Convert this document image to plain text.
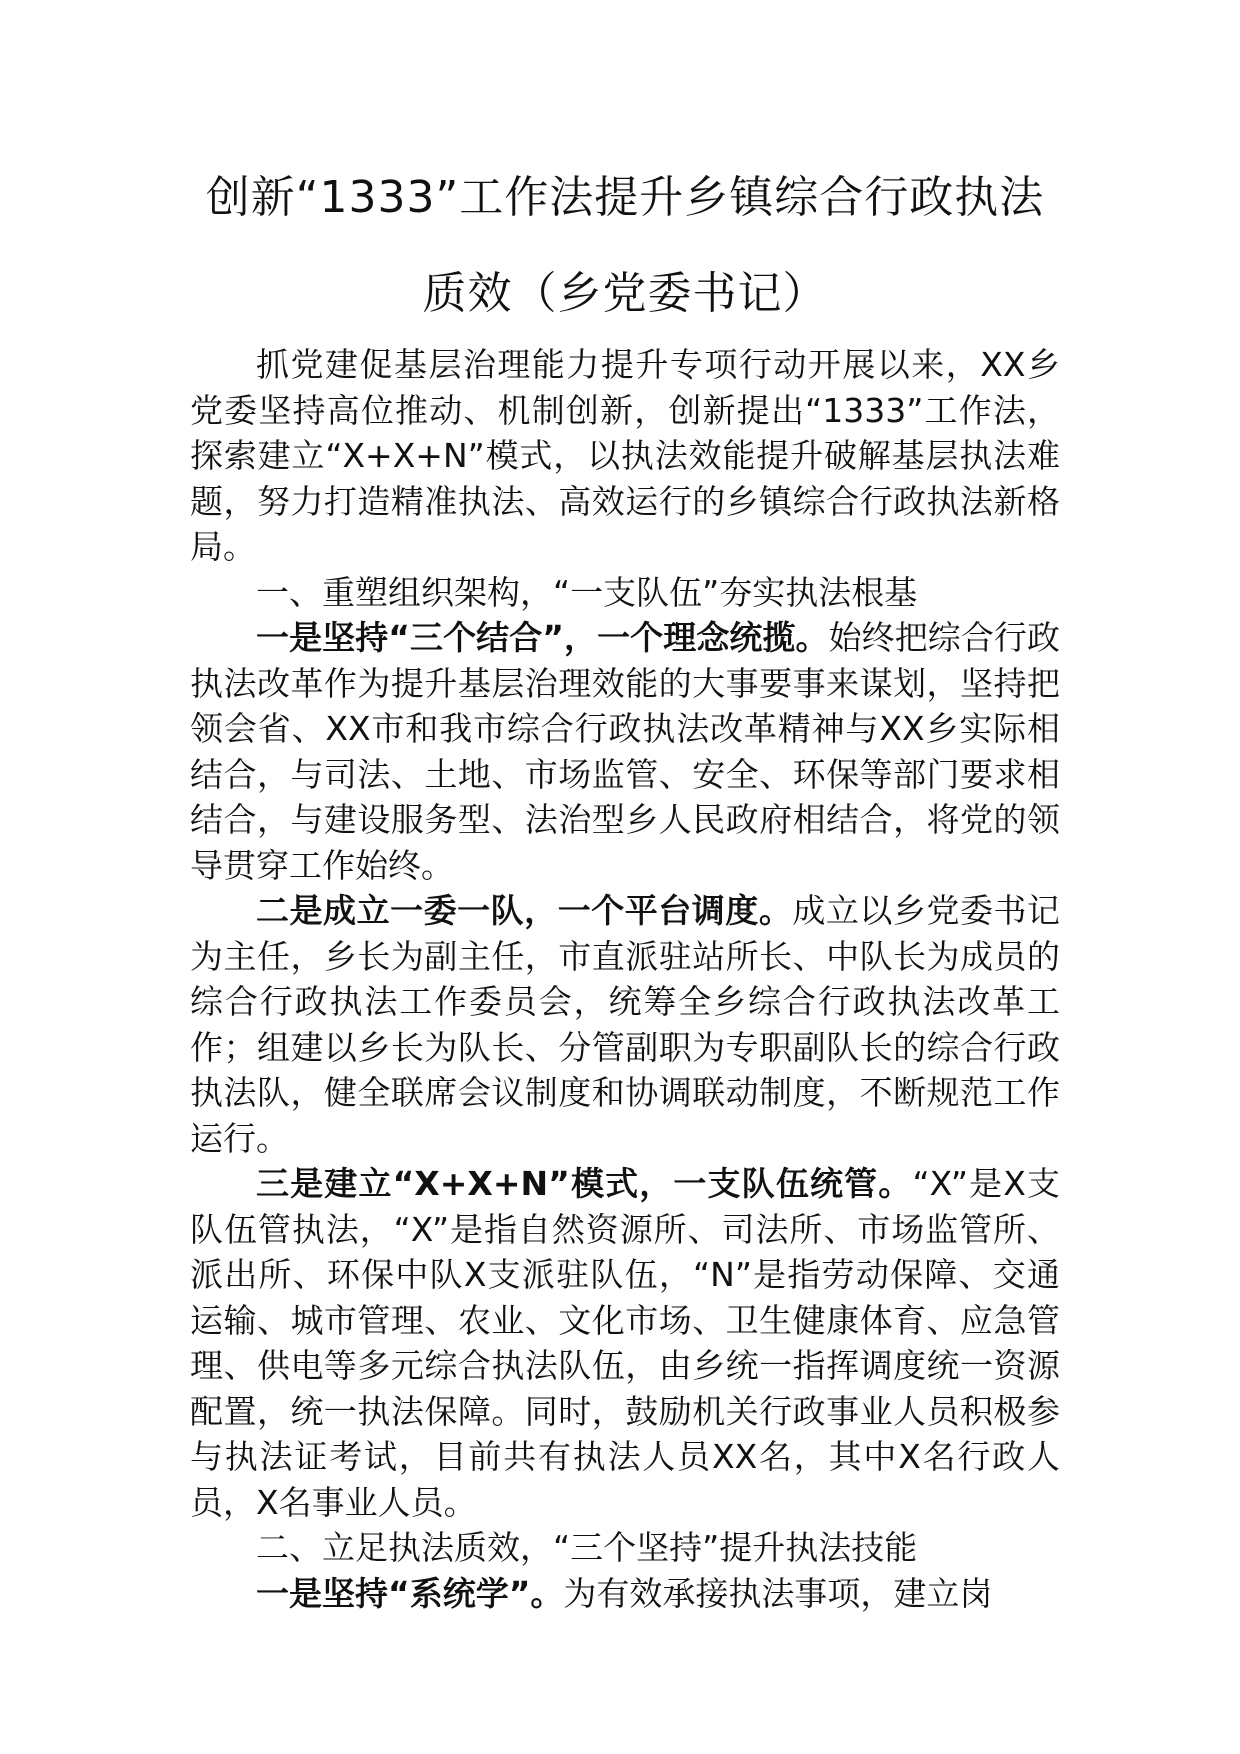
创新“1333”工作法提升乡镇综合行政执法
质效（乡党委书记）

抓党建促基层治理能力提升专项行动开展以来，XX乡党委坚持高位推动、机制创新，创新提出“1333”工作法，探索建立“X+X+N”模式，以执法效能提升破解基层执法难题，努力打造精准执法、高效运行的乡镇综合行政执法新格局。

一、重塑组织架构，“一支队伍”夯实执法根基

一是坚持“三个结合”，一个理念统揽。始终把综合行政执法改革作为提升基层治理效能的大事要事来谋划，坚持把领会省、XX市和我市综合行政执法改革精神与XX乡实际相结合，与司法、土地、市场监管、安全、环保等部门要求相结合，与建设服务型、法治型乡人民政府相结合，将党的领导贯穿工作始终。

二是成立一委一队，一个平台调度。成立以乡党委书记为主任，乡长为副主任，市直派驻站所长、中队长为成员的综合行政执法工作委员会，统筹全乡综合行政执法改革工作；组建以乡长为队长、分管副职为专职副队长的综合行政执法队，健全联席会议制度和协调联动制度，不断规范工作运行。

三是建立“X+X+N”模式，一支队伍统管。“X”是X支队伍管执法，“X”是指自然资源所、司法所、市场监管所、派出所、环保中队X支派驻队伍，“N”是指劳动保障、交通运输、城市管理、农业、文化市场、卫生健康体育、应急管理、供电等多元综合执法队伍，由乡统一指挥调度统一资源配置，统一执法保障。同时，鼓励机关行政事业人员积极参与执法证考试，目前共有执法人员XX名，其中X名行政人员，X名事业人员。

二、立足执法质效，“三个坚持”提升执法技能

一是坚持“系统学”。为有效承接执法事项，建立岗
